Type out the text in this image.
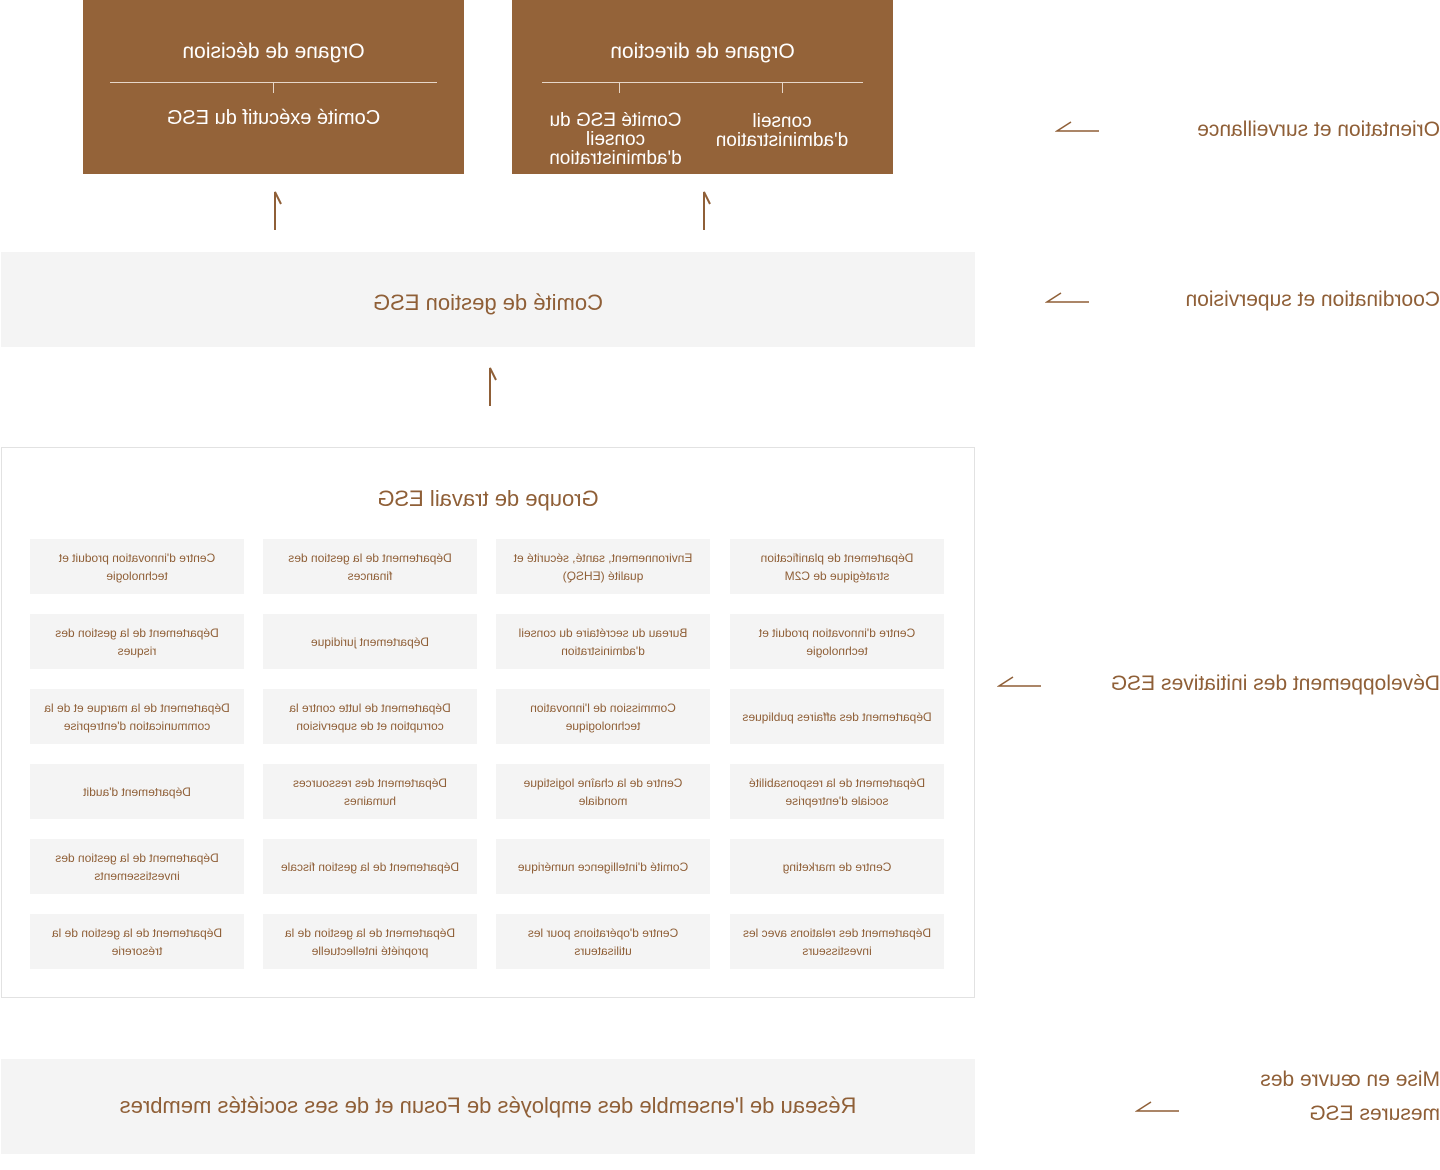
Orientation et surveillance
Coordination et supervision
Développement des initiatives ESG
Mise en œuvre des mesures ESG
Organe de direction
conseil d'administration
Comité ESG du conseil d'administration
Organe de décision
Comité exécutif du ESG
Comité de gestion ESG
Groupe de travail ESG
Département de planification stratégique de C2M
Environnement, santé, sécurité et qualité (EHSQ)
Département de la gestion des finances
Centre d'innovation produit et technologie
Centre d'innovation produit et technologie
Bureau du secrétaire du conseil d'administration
Département juridique
Département de la gestion des risques
Département des affaires publiques
Commission de l'innovation technologique
Département de lutte contre la corruption et de supervision
Département de la marque et de la communication d'entreprise
Département de la responsabilité sociale d'entreprise
Centre de la chaîne logistique mondiale
Département des ressources humaines
Département d'audit
Centre de marketing
Comité d'intelligence numérique
Département de la gestion fiscale
Département de la gestion des investissements
Département des relations avec les investisseurs
Centre d'opérations pour les utilisateurs
Département de la gestion de la propriété intellectuelle
Département de la gestion de la trésorerie
Réseau de l'ensemble des employés de Fosun et de ses sociétés membres
